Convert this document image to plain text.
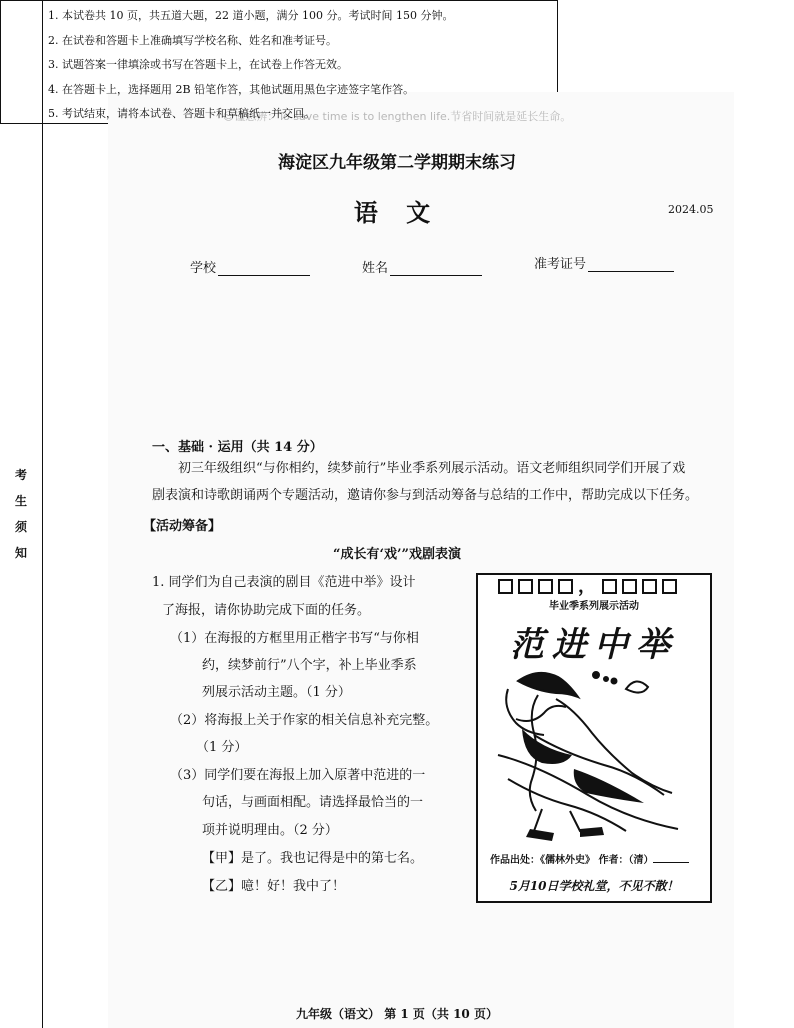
☺谨思辨：To save time is to lengthen life.节省时间就是延长生命。
海淀区九年级第二学期期末练习
语 文	2024.05
学校	姓名	准考证号
考
生
须
知
1. 本试卷共 10 页，共五道大题，22 道小题，满分 100 分。考试时间 150 分钟。
2. 在试卷和答题卡上准确填写学校名称、姓名和准考证号。
3. 试题答案一律填涂或书写在答题卡上，在试卷上作答无效。
4. 在答题卡上，选择题用 2B 铅笔作答，其他试题用黑色字迹签字笔作答。
5. 考试结束，请将本试卷、答题卡和草稿纸一并交回。
一、基础 · 运用（共 14 分）
初三年级组织“与你相约，续梦前行”毕业季系列展示活动。语文老师组织同学们开展了戏
剧表演和诗歌朗诵两个专题活动，邀请你参与到活动筹备与总结的工作中，帮助完成以下任务。
【活动筹备】
“成长有‘戏’”戏剧表演
1. 同学们为自己表演的剧目《范进中举》设计
了海报，请你协助完成下面的任务。
（1）在海报的方框里用正楷字书写“与你相
约，续梦前行”八个字，补上毕业季系
列展示活动主题。（1 分）
（2）将海报上关于作家的相关信息补充完整。
（1 分）
（3）同学们要在海报上加入原著中范进的一
句话，与画面相配。请选择最恰当的一
项并说明理由。（2 分）
【甲】是了。我也记得是中的第七名。
【乙】噫！好！我中了！
，
毕业季系列展示活动
范进中举
作品出处：《儒林外史》 作者：（清）
5月10日学校礼堂，不见不散！
九年级（语文） 第 1 页（共 10 页）
